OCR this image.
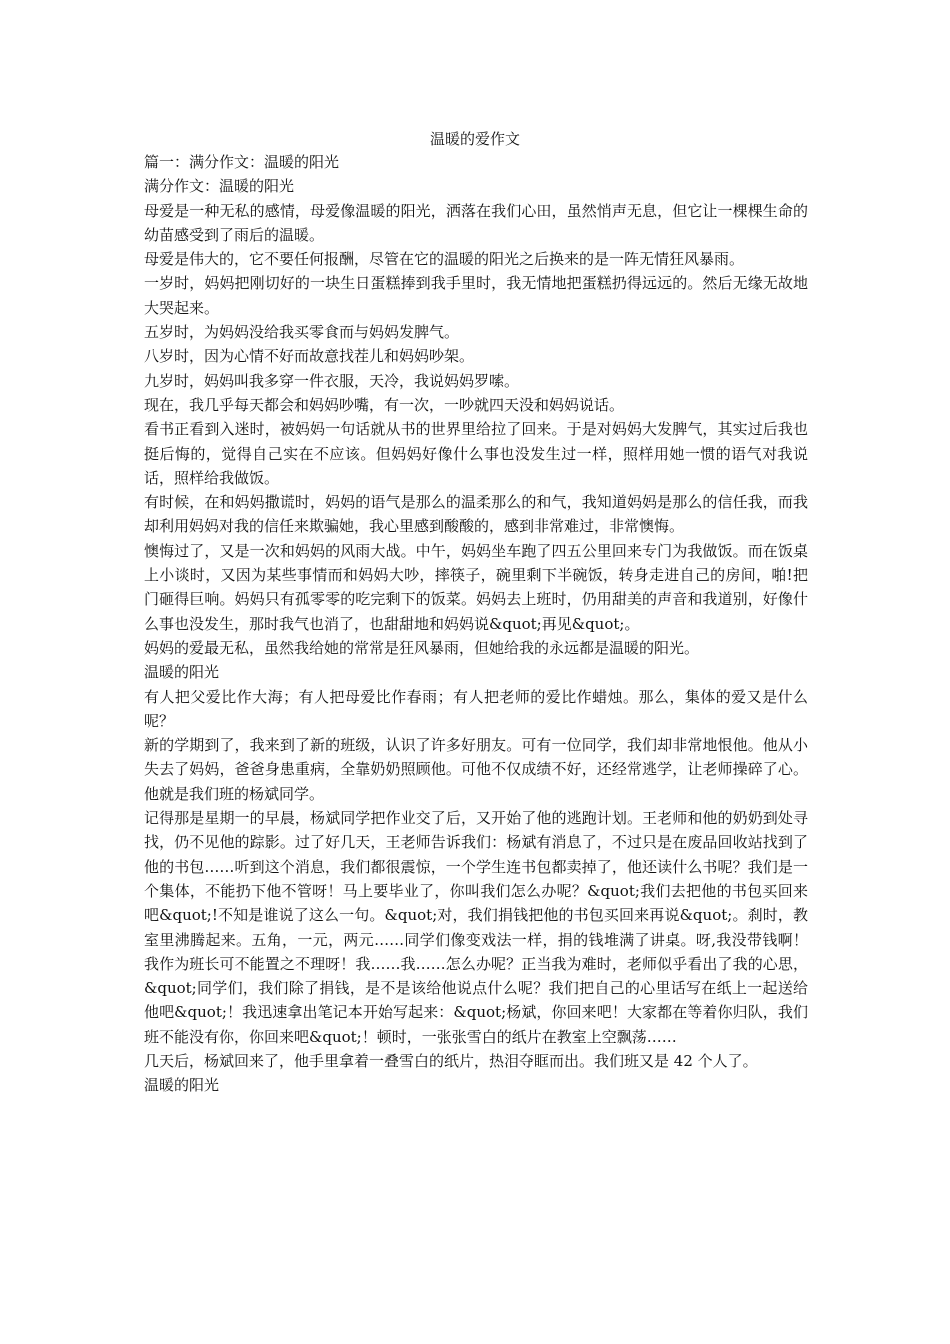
温暖的爱作文

篇一：满分作文：温暖的阳光

满分作文：温暖的阳光

母爱是一种无私的感情，母爱像温暖的阳光，洒落在我们心田，虽然悄声无息，但它让一棵棵生命的幼苗感受到了雨后的温暖。

母爱是伟大的，它不要任何报酬，尽管在它的温暖的阳光之后换来的是一阵无情狂风暴雨。

一岁时，妈妈把刚切好的一块生日蛋糕捧到我手里时，我无情地把蛋糕扔得远远的。然后无缘无故地大哭起来。

五岁时，为妈妈没给我买零食而与妈妈发脾气。

八岁时，因为心情不好而故意找茬儿和妈妈吵架。

九岁时，妈妈叫我多穿一件衣服，天冷，我说妈妈罗嗦。

现在，我几乎每天都会和妈妈吵嘴，有一次，一吵就四天没和妈妈说话。

看书正看到入迷时，被妈妈一句话就从书的世界里给拉了回来。于是对妈妈大发脾气，其实过后我也挺后悔的，觉得自己实在不应该。但妈妈好像什么事也没发生过一样，照样用她一惯的语气对我说话，照样给我做饭。

有时候，在和妈妈撒谎时，妈妈的语气是那么的温柔那么的和气，我知道妈妈是那么的信任我，而我却利用妈妈对我的信任来欺骗她，我心里感到酸酸的，感到非常难过，非常懊悔。

懊悔过了，又是一次和妈妈的风雨大战。中午，妈妈坐车跑了四五公里回来专门为我做饭。而在饭桌上小谈时，又因为某些事情而和妈妈大吵，摔筷子，碗里剩下半碗饭，转身走进自己的房间，啪!把门砸得巨响。妈妈只有孤零零的吃完剩下的饭菜。妈妈去上班时，仍用甜美的声音和我道别，好像什么事也没发生，那时我气也消了，也甜甜地和妈妈说&quot;再见&quot;。

妈妈的爱最无私，虽然我给她的常常是狂风暴雨，但她给我的永远都是温暖的阳光。

温暖的阳光

有人把父爱比作大海；有人把母爱比作春雨；有人把老师的爱比作蜡烛。那么，集体的爱又是什么呢？

新的学期到了，我来到了新的班级，认识了许多好朋友。可有一位同学，我们却非常地恨他。他从小失去了妈妈，爸爸身患重病，全靠奶奶照顾他。可他不仅成绩不好，还经常逃学，让老师操碎了心。他就是我们班的杨斌同学。

记得那是星期一的早晨，杨斌同学把作业交了后，又开始了他的逃跑计划。王老师和他的奶奶到处寻找，仍不见他的踪影。过了好几天，王老师告诉我们：杨斌有消息了，不过只是在废品回收站找到了他的书包……听到这个消息，我们都很震惊，一个学生连书包都卖掉了，他还读什么书呢？我们是一个集体，不能扔下他不管呀！马上要毕业了，你叫我们怎么办呢？&quot;我们去把他的书包买回来吧&quot;!不知是谁说了这么一句。&quot;对，我们捐钱把他的书包买回来再说&quot;。刹时，教室里沸腾起来。五角，一元，两元……同学们像变戏法一样，捐的钱堆满了讲桌。呀,我没带钱啊！我作为班长可不能置之不理呀！我……我……怎么办呢？正当我为难时，老师似乎看出了我的心思，&quot;同学们，我们除了捐钱，是不是该给他说点什么呢？我们把自己的心里话写在纸上一起送给他吧&quot;！我迅速拿出笔记本开始写起来：&quot;杨斌，你回来吧！大家都在等着你归队，我们班不能没有你，你回来吧&quot;！顿时，一张张雪白的纸片在教室上空飘荡……

几天后，杨斌回来了，他手里拿着一叠雪白的纸片，热泪夺眶而出。我们班又是 42 个人了。

温暖的阳光
